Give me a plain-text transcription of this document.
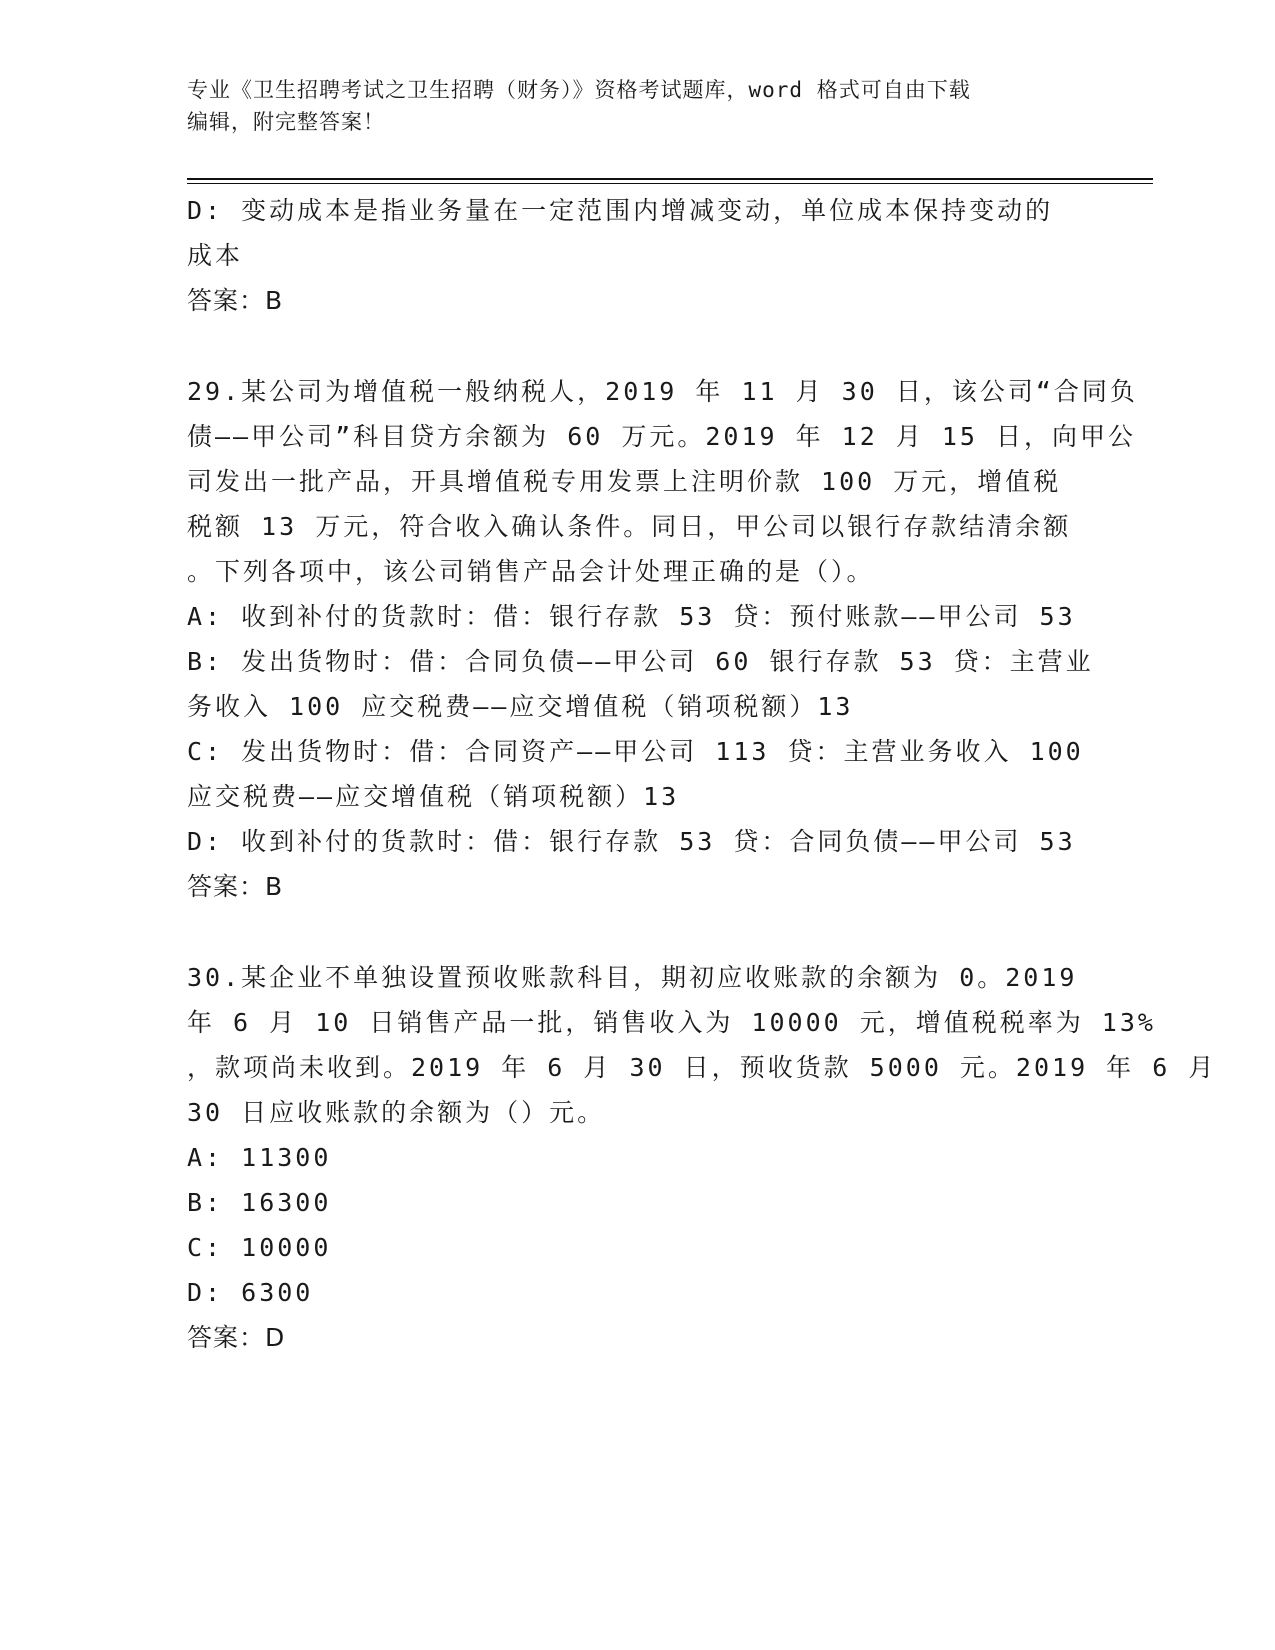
专业《卫生招聘考试之卫生招聘（财务）》资格考试题库，word 格式可自由下载
编辑，附完整答案！
D: 变动成本是指业务量在一定范围内增减变动，单位成本保持变动的
成本
答案：B
29.某公司为增值税一般纳税人，2019 年 11 月 30 日，该公司“合同负
债——甲公司”科目贷方余额为 60 万元。2019 年 12 月 15 日，向甲公
司发出一批产品，开具增值税专用发票上注明价款 100 万元，增值税
税额 13 万元，符合收入确认条件。同日，甲公司以银行存款结清余额
。下列各项中，该公司销售产品会计处理正确的是（）。
A: 收到补付的货款时：借：银行存款 53 贷：预付账款——甲公司 53
B: 发出货物时：借：合同负债——甲公司 60 银行存款 53 贷：主营业
务收入 100 应交税费——应交增值税（销项税额）13
C: 发出货物时：借：合同资产——甲公司 113 贷：主营业务收入 100
应交税费——应交增值税（销项税额）13
D: 收到补付的货款时：借：银行存款 53 贷：合同负债——甲公司 53
答案：B
30.某企业不单独设置预收账款科目，期初应收账款的余额为 0。2019
年 6 月 10 日销售产品一批，销售收入为 10000 元，增值税税率为 13%
，款项尚未收到。2019 年 6 月 30 日，预收货款 5000 元。2019 年 6 月
30 日应收账款的余额为（）元。
A: 11300
B: 16300
C: 10000
D: 6300
答案：D
